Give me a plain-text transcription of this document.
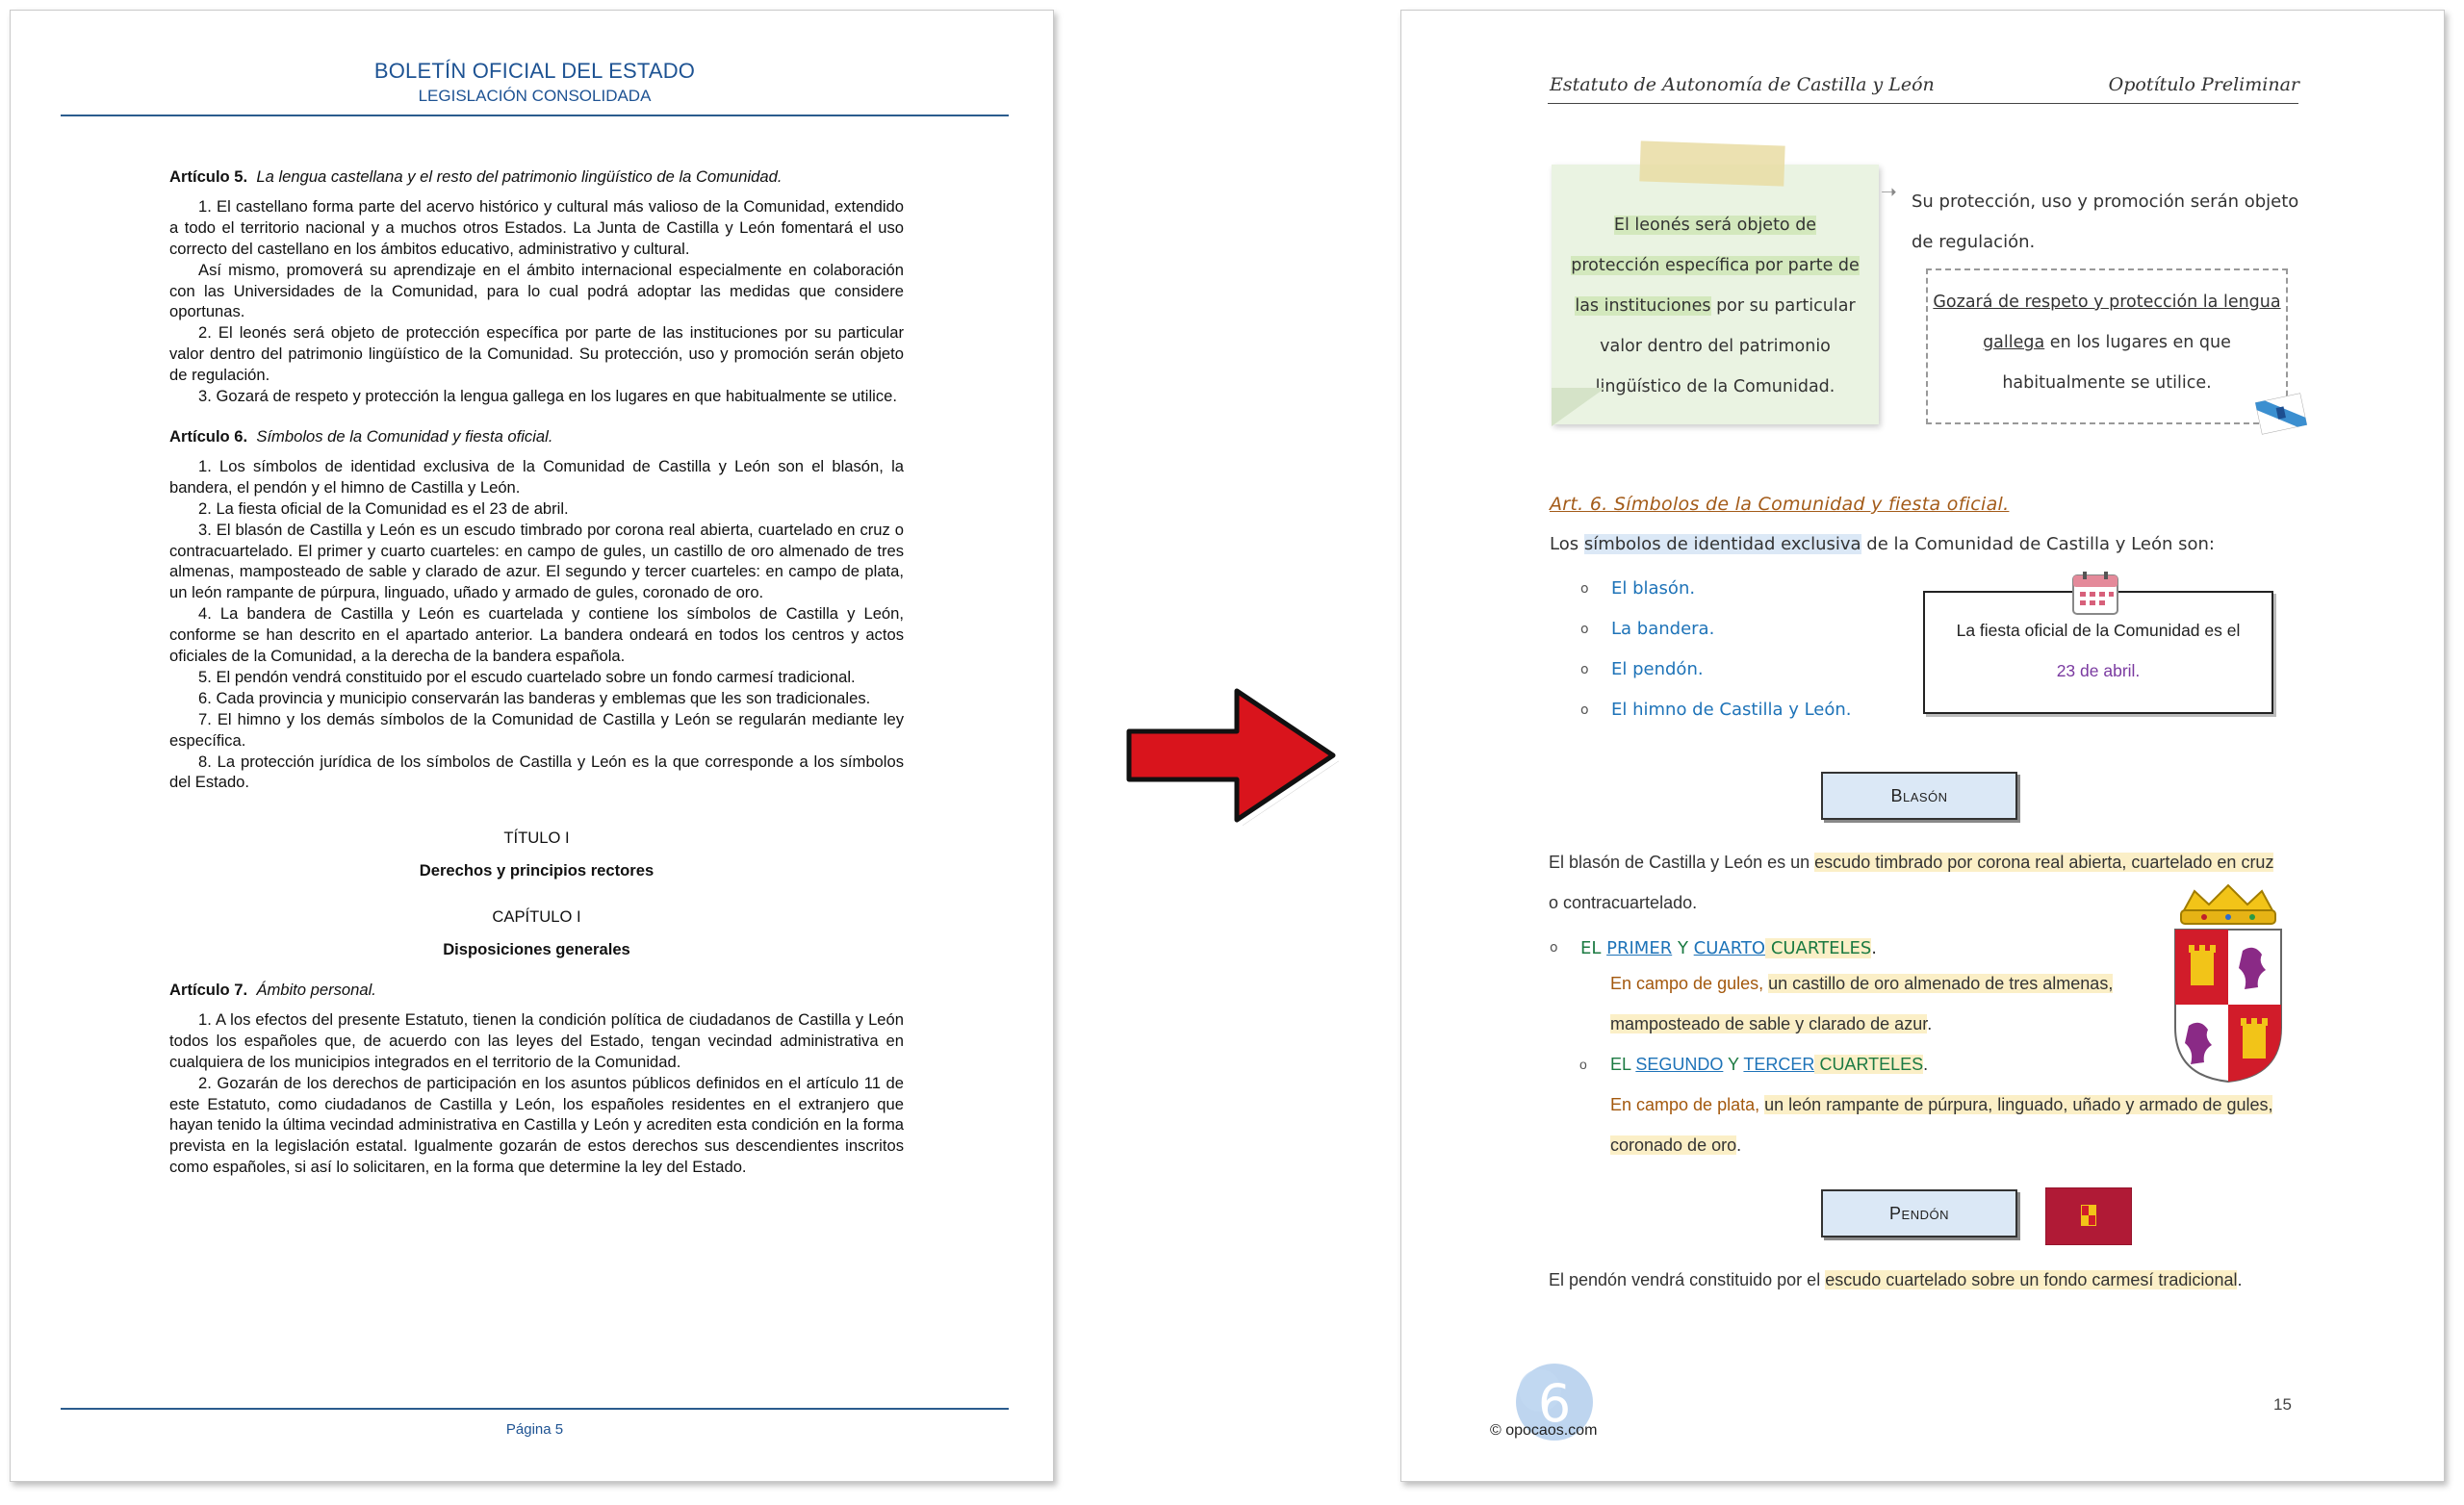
BOLETÍN OFICIAL DEL ESTADO
LEGISLACIÓN CONSOLIDADA
Artículo 5. La lengua castellana y el resto del patrimonio lingüístico de la Comunidad.

1. El castellano forma parte del acervo histórico y cultural más valioso de la Comunidad, extendido a todo el territorio nacional y a muchos otros Estados. La Junta de Castilla y León fomentará el uso correcto del castellano en los ámbitos educativo, administrativo y cultural.

Así mismo, promoverá su aprendizaje en el ámbito internacional especialmente en colaboración con las Universidades de la Comunidad, para lo cual podrá adoptar las medidas que considere oportunas.

2. El leonés será objeto de protección específica por parte de las instituciones por su particular valor dentro del patrimonio lingüístico de la Comunidad. Su protección, uso y promoción serán objeto de regulación.

3. Gozará de respeto y protección la lengua gallega en los lugares en que habitualmente se utilice.

Artículo 6. Símbolos de la Comunidad y fiesta oficial.

1. Los símbolos de identidad exclusiva de la Comunidad de Castilla y León son el blasón, la bandera, el pendón y el himno de Castilla y León.

2. La fiesta oficial de la Comunidad es el 23 de abril.

3. El blasón de Castilla y León es un escudo timbrado por corona real abierta, cuartelado en cruz o contracuartelado. El primer y cuarto cuarteles: en campo de gules, un castillo de oro almenado de tres almenas, mamposteado de sable y clarado de azur. El segundo y tercer cuarteles: en campo de plata, un león rampante de púrpura, linguado, uñado y armado de gules, coronado de oro.

4. La bandera de Castilla y León es cuartelada y contiene los símbolos de Castilla y León, conforme se han descrito en el apartado anterior. La bandera ondeará en todos los centros y actos oficiales de la Comunidad, a la derecha de la bandera española.

5. El pendón vendrá constituido por el escudo cuartelado sobre un fondo carmesí tradicional.

6. Cada provincia y municipio conservarán las banderas y emblemas que les son tradicionales.

7. El himno y los demás símbolos de la Comunidad de Castilla y León se regularán mediante ley específica.

8. La protección jurídica de los símbolos de Castilla y León es la que corresponde a los símbolos del Estado.

TÍTULO I
Derechos y principios rectores
CAPÍTULO I
Disposiciones generales
Artículo 7. Ámbito personal.

1. A los efectos del presente Estatuto, tienen la condición política de ciudadanos de Castilla y León todos los españoles que, de acuerdo con las leyes del Estado, tengan vecindad administrativa en cualquiera de los municipios integrados en el territorio de la Comunidad.

2. Gozarán de los derechos de participación en los asuntos públicos definidos en el artículo 11 de este Estatuto, como ciudadanos de Castilla y León, los españoles residentes en el extranjero que hayan tenido la última vecindad administrativa en Castilla y León y acrediten esta condición en la forma prevista en la legislación estatal. Igualmente gozarán de estos derechos sus descendientes inscritos como españoles, si así lo solicitaren, en la forma que determine la ley del Estado.

Página 5
Estatuto de Autonomía de Castilla y León	Opotítulo Preliminar
El leonés será objeto de protección específica por parte de las instituciones por su particular valor dentro del patrimonio lingüístico de la Comunidad.
➝ Su protección, uso y promoción serán objeto de regulación.
Gozará de respeto y protección la lengua gallega en los lugares en que habitualmente se utilice.
Art. 6. Símbolos de la Comunidad y fiesta oficial.
Los símbolos de identidad exclusiva de la Comunidad de Castilla y León son:
o El blasón.
o La bandera.
o El pendón.
o El himno de Castilla y León.
o EL PRIMER Y CUARTO CUARTELES.
La fiesta oficial de la Comunidad es el
23 de abril.
Blasón
El blasón de Castilla y León es un escudo timbrado por corona real abierta, cuartelado en cruz
o contracuartelado.
En campo de gules, un castillo de oro almenado de tres almenas,
mamposteado de sable y clarado de azur.
o EL SEGUNDO Y TERCER CUARTELES.
En campo de plata, un león rampante de púrpura, linguado, uñado y armado de gules,
coronado de oro.
Pendón
El pendón vendrá constituido por el escudo cuartelado sobre un fondo carmesí tradicional.
6
© opocaos.com
15
